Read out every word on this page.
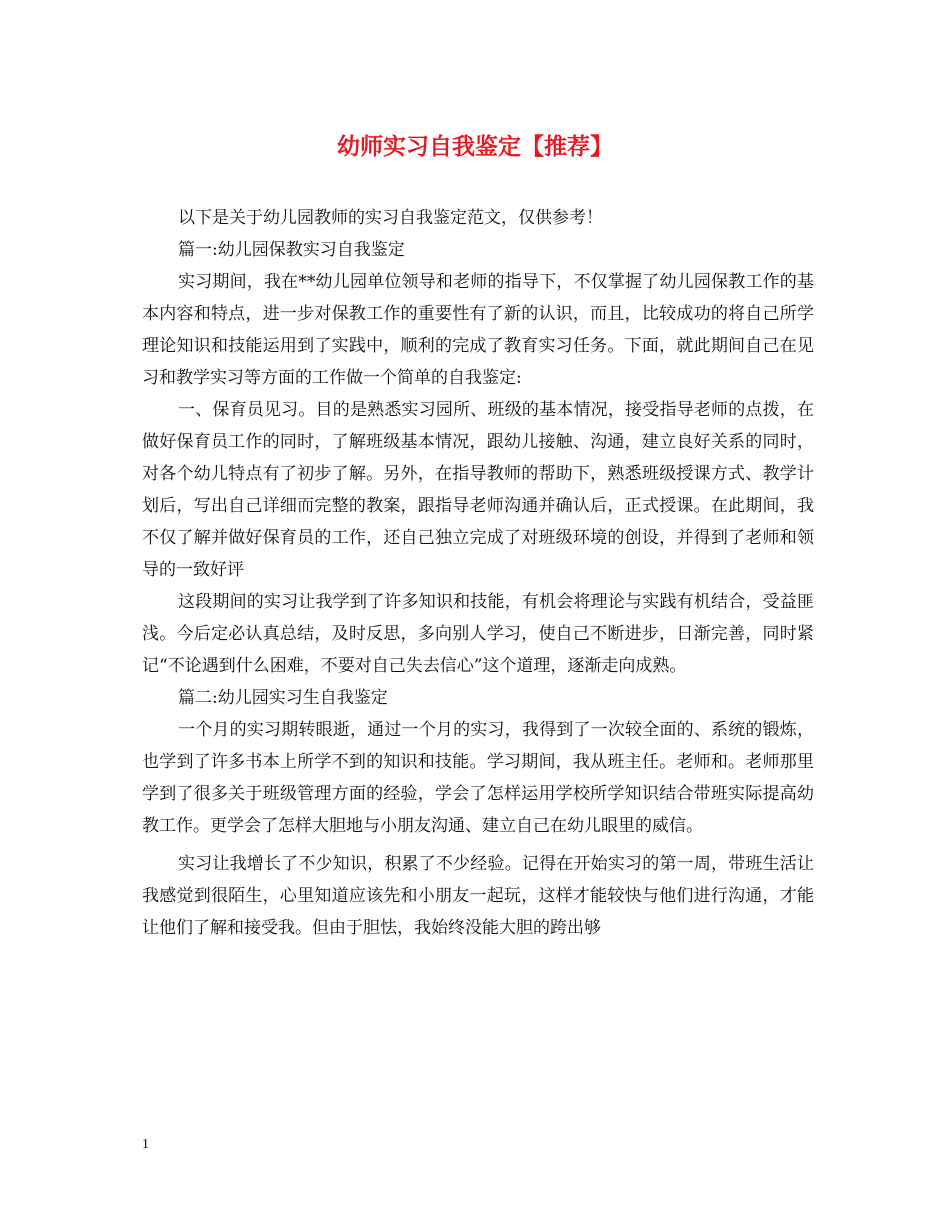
幼师实习自我鉴定【推荐】

以下是关于幼儿园教师的实习自我鉴定范文，仅供参考！

篇一:幼儿园保教实习自我鉴定

实习期间，我在**幼儿园单位领导和老师的指导下，不仅掌握了幼儿园保教工作的基本内容和特点，进一步对保教工作的重要性有了新的认识，而且，比较成功的将自己所学理论知识和技能运用到了实践中，顺利的完成了教育实习任务。下面，就此期间自己在见习和教学实习等方面的工作做一个简单的自我鉴定:

一、保育员见习。目的是熟悉实习园所、班级的基本情况，接受指导老师的点拨，在做好保育员工作的同时，了解班级基本情况，跟幼儿接触、沟通，建立良好关系的同时，对各个幼儿特点有了初步了解。另外，在指导教师的帮助下，熟悉班级授课方式、教学计划后，写出自己详细而完整的教案，跟指导老师沟通并确认后，正式授课。在此期间，我不仅了解并做好保育员的工作，还自己独立完成了对班级环境的创设，并得到了老师和领导的一致好评

这段期间的实习让我学到了许多知识和技能，有机会将理论与实践有机结合，受益匪浅。今后定必认真总结，及时反思，多向别人学习，使自己不断进步，日渐完善，同时紧记“不论遇到什么困难，不要对自己失去信心”这个道理，逐渐走向成熟。

篇二:幼儿园实习生自我鉴定

一个月的实习期转眼逝，通过一个月的实习，我得到了一次较全面的、系统的锻炼，也学到了许多书本上所学不到的知识和技能。学习期间，我从班主任。老师和。老师那里学到了很多关于班级管理方面的经验，学会了怎样运用学校所学知识结合带班实际提高幼教工作。更学会了怎样大胆地与小朋友沟通、建立自己在幼儿眼里的威信。

实习让我增长了不少知识，积累了不少经验。记得在开始实习的第一周，带班生活让我感觉到很陌生，心里知道应该先和小朋友一起玩，这样才能较快与他们进行沟通，才能让他们了解和接受我。但由于胆怯，我始终没能大胆的跨出够

1
